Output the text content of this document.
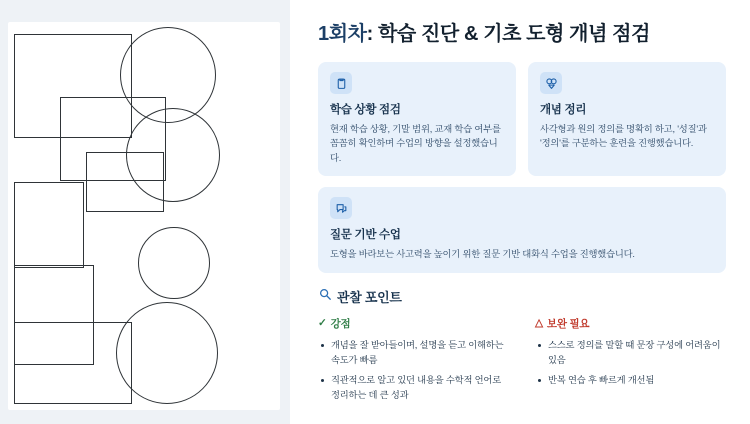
1회차: 학습 진단 & 기초 도형 개념 점검
학습 상황 점검
현재 학습 상황, 기말 범위, 교재 학습 여부를 꼼꼼히 확인하며 수업의 방향을 설정했습니다.
개념 정리
사각형과 원의 정의를 명확히 하고, '성질'과 '정의'를 구분하는 훈련을 진행했습니다.
질문 기반 수업
도형을 바라보는 사고력을 높이기 위한 질문 기반 대화식 수업을 진행했습니다.
관찰 포인트
✓ 강점
개념을 잘 받아들이며, 설명을 듣고 이해하는 속도가 빠름
직관적으로 알고 있던 내용을 수학적 언어로 정리하는 데 큰 성과
△ 보완 필요
스스로 정의를 말할 때 문장 구성에 어려움이 있음
반복 연습 후 빠르게 개선됨
